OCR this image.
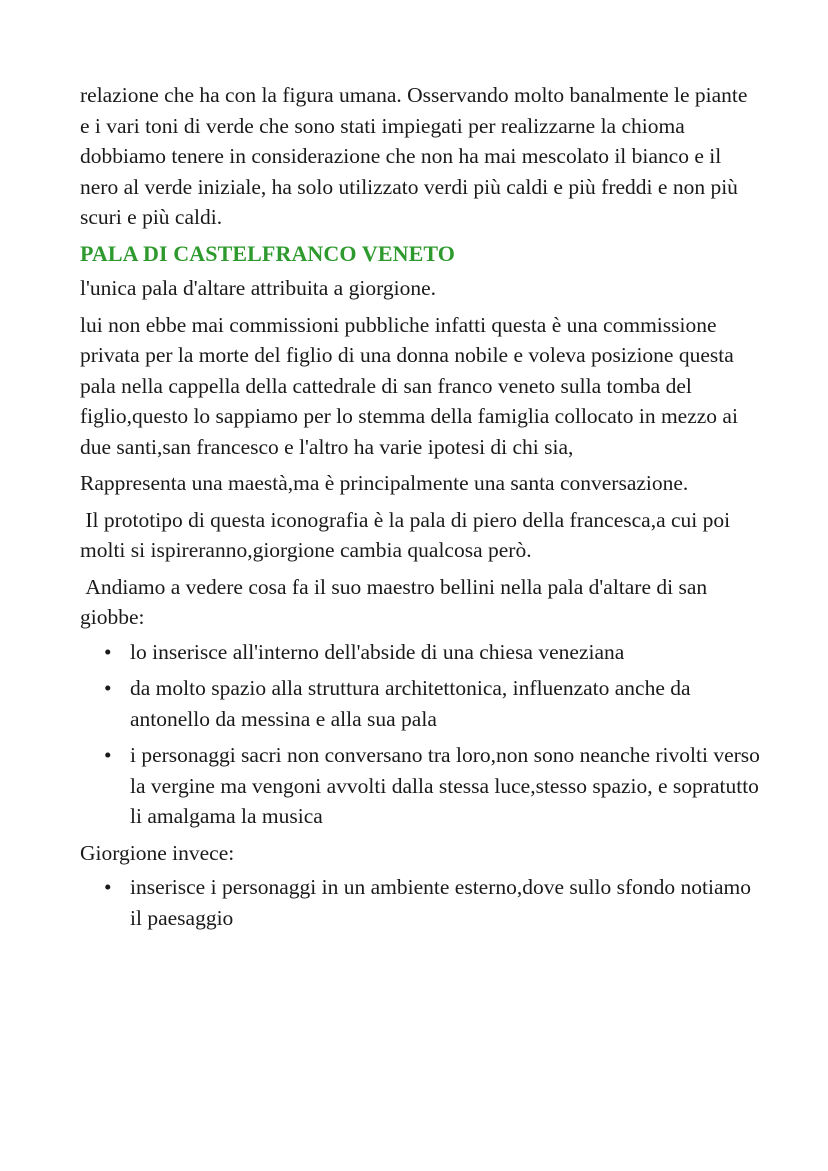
relazione che ha con la figura umana. Osservando molto banalmente le piante e i vari toni di verde che sono stati impiegati per realizzarne la chioma dobbiamo tenere in considerazione che non ha mai mescolato il bianco e il nero al verde iniziale, ha solo utilizzato verdi più caldi e più freddi e non più scuri e più caldi.

PALA DI CASTELFRANCO VENETO

l'unica pala d'altare attribuita a giorgione.

lui non ebbe mai commissioni pubbliche infatti questa è una commissione privata per la morte del figlio di una donna nobile e voleva posizione questa pala nella cappella della cattedrale di san franco veneto sulla tomba del figlio,questo lo sappiamo per lo stemma della famiglia collocato in mezzo ai due santi,san francesco e l'altro ha varie ipotesi di chi sia,

Rappresenta una maestà,ma è principalmente una santa conversazione.

Il prototipo di questa iconografia è la pala di piero della francesca,a cui poi molti si ispireranno,giorgione cambia qualcosa però.

Andiamo a vedere cosa fa il suo maestro bellini nella pala d'altare di san giobbe:

• lo inserisce all'interno dell'abside di una chiesa veneziana
• da molto spazio alla struttura architettonica, influenzato anche da antonello da messina e alla sua pala
• i personaggi sacri non conversano tra loro,non sono neanche rivolti verso la vergine ma vengoni avvolti dalla stessa luce,stesso spazio, e sopratutto li amalgama la musica

Giorgione invece:

• inserisce i personaggi in un ambiente esterno,dove sullo sfondo notiamo il paesaggio
